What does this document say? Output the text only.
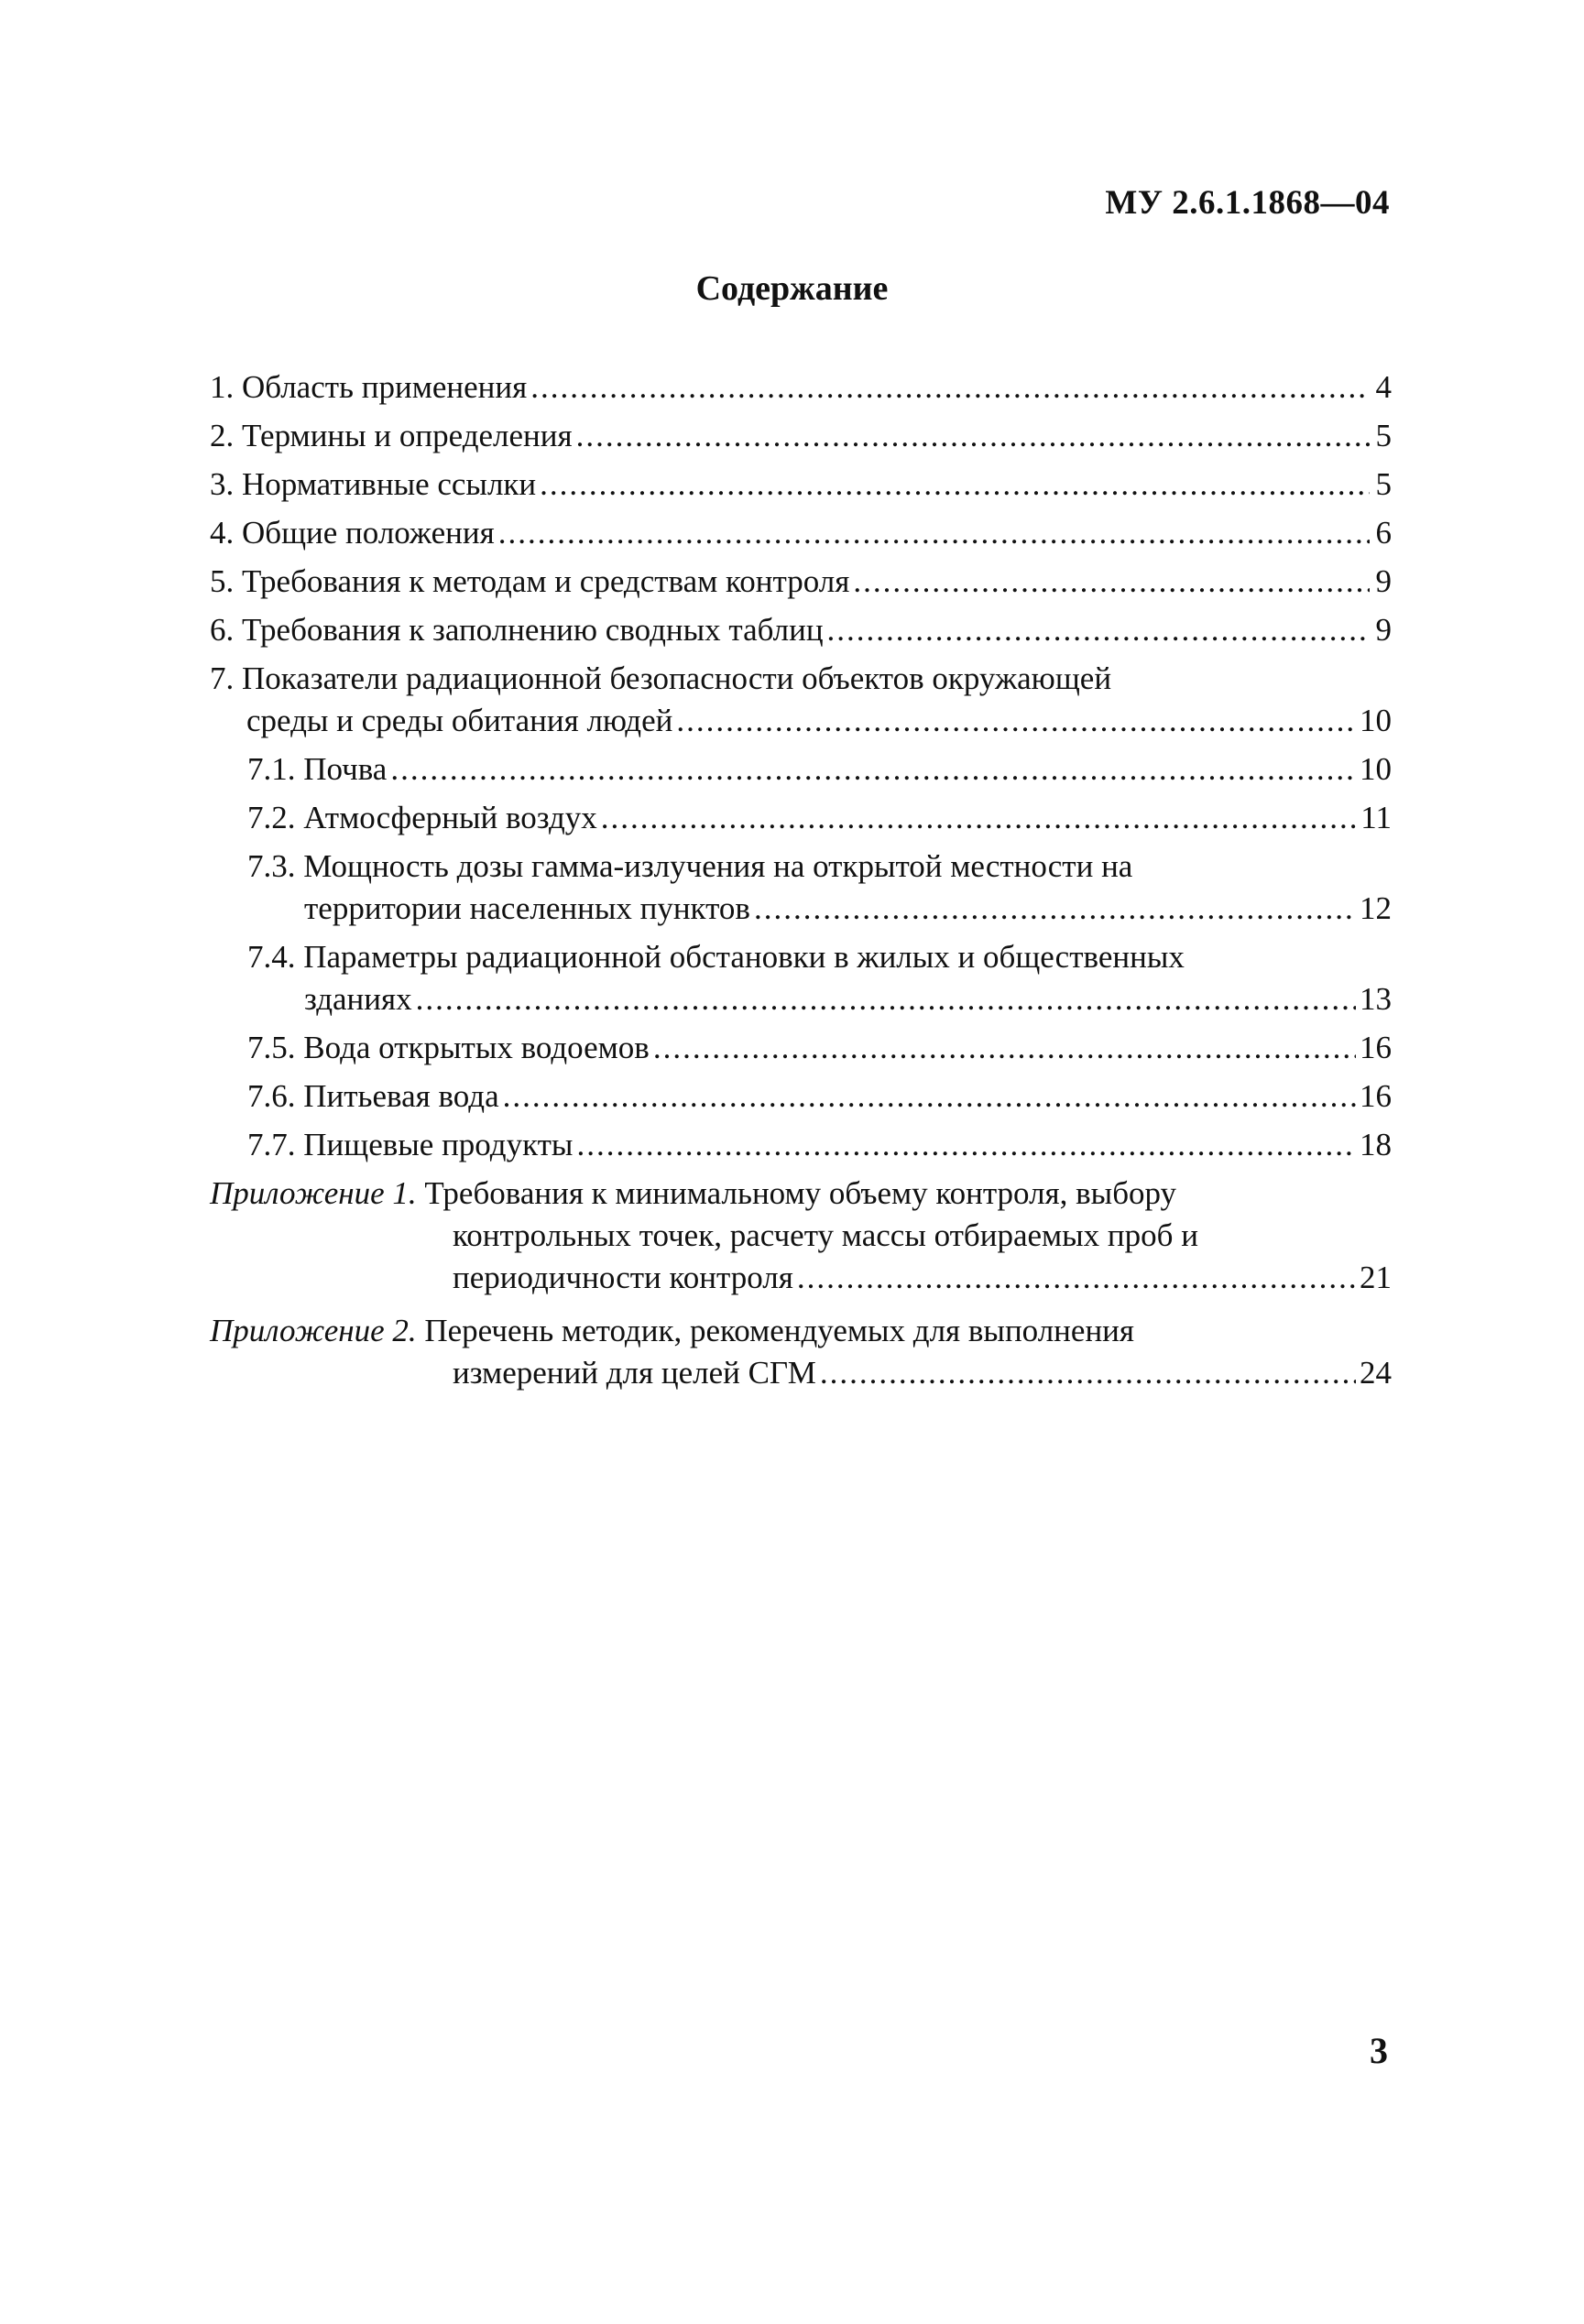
МУ 2.6.1.1868—04
Содержание
1. Область применения .....	4
2. Термины и определения .....	5
3. Нормативные ссылки .....	5
4. Общие положения .....	6
5. Требования к методам и средствам контроля .....	9
6. Требования к заполнению сводных таблиц .....	9
7. Показатели радиационной безопасности объектов окружающей
среды и среды обитания людей .....	10
7.1. Почва .....	10
7.2. Атмосферный воздух .....	11
7.3. Мощность дозы гамма-излучения на открытой местности на
территории населенных пунктов .....	12
7.4. Параметры радиационной обстановки в жилых и общественных
зданиях .....	13
7.5. Вода открытых водоемов .....	16
7.6. Питьевая вода .....	16
7.7. Пищевые продукты .....	18
Приложение 1. Требования к минимальному объему контроля, выбору
контрольных точек, расчету массы отбираемых проб и
периодичности контроля .....	21
Приложение 2. Перечень методик, рекомендуемых для выполнения
измерений для целей СГМ .....	24
3
